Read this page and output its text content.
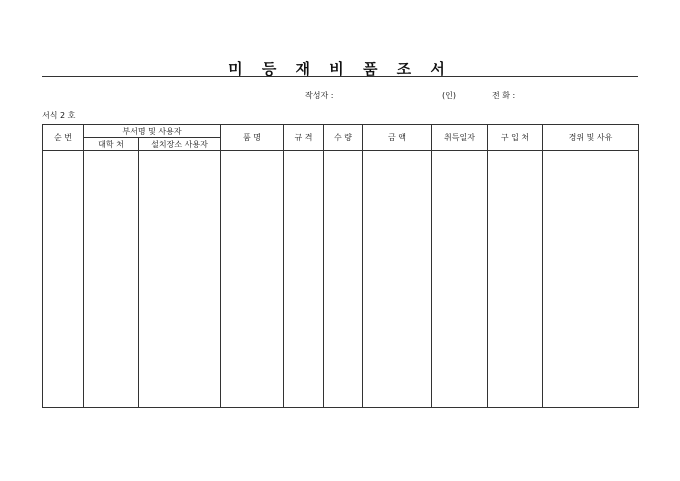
미 등 재 비 품 조 서
작성자 :	(인)	전 화 :
서식 2 호
순 번	부서명 및 사용자		품 명	규 격	수 량	금 액	취득일자	구 입 처	경위 및 사유
	대학 처	설치장소 사용자							
